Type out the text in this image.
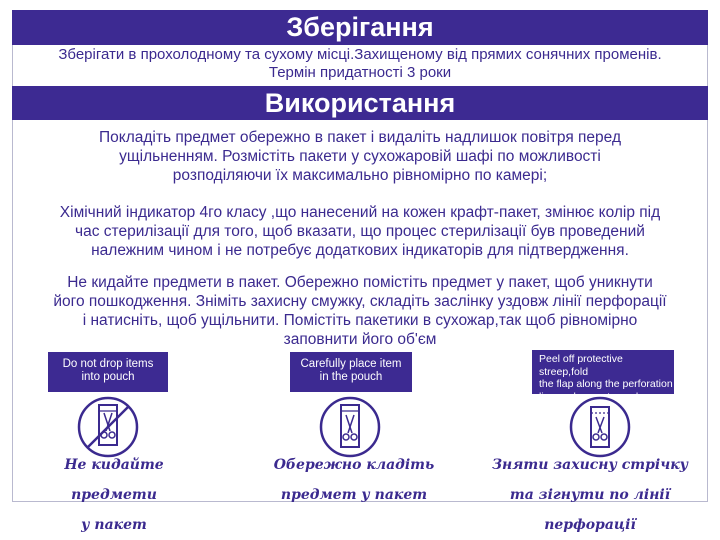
Зберігання
Зберігати в прохолодному та сухому місці.Захищеному від прямих сонячних променів.
Термін придатності 3 роки
Використання
Покладіть предмет обережно в пакет і видаліть надлишок повітря перед
ущільненням. Розмістіть пакети у сухожаровій шафі по можливості
розподіляючи їх максимально рівномірно по камері;
Хімічний індикатор 4го класу ,що нанесений на кожен крафт-пакет, змінює колір під
час стерилізації для того, щоб вказати, що процес стерилізації був проведений
належним чином і не потребує додаткових індикаторів для підтвердження.
Не кидайте предмети в пакет. Обережно помістіть предмет у пакет, щоб уникнути
його пошкодження. Зніміть захисну смужку, складіть заслінку уздовж лінії перфорації
і натисніть, щоб ущільнити. Помістіть пакетики в сухожар,так щоб рівномірно
заповнити його об'єм
Do not drop items
into pouch
Не кидайте предмети
у пакет
Carefully place item
in the pouch
Обережно кладіть
предмет у пакет
Peel off protective streep,fold
the flap along the perforation
line and press to seal
Зняти захисну стрічку
та зігнути по лінії перфорації
